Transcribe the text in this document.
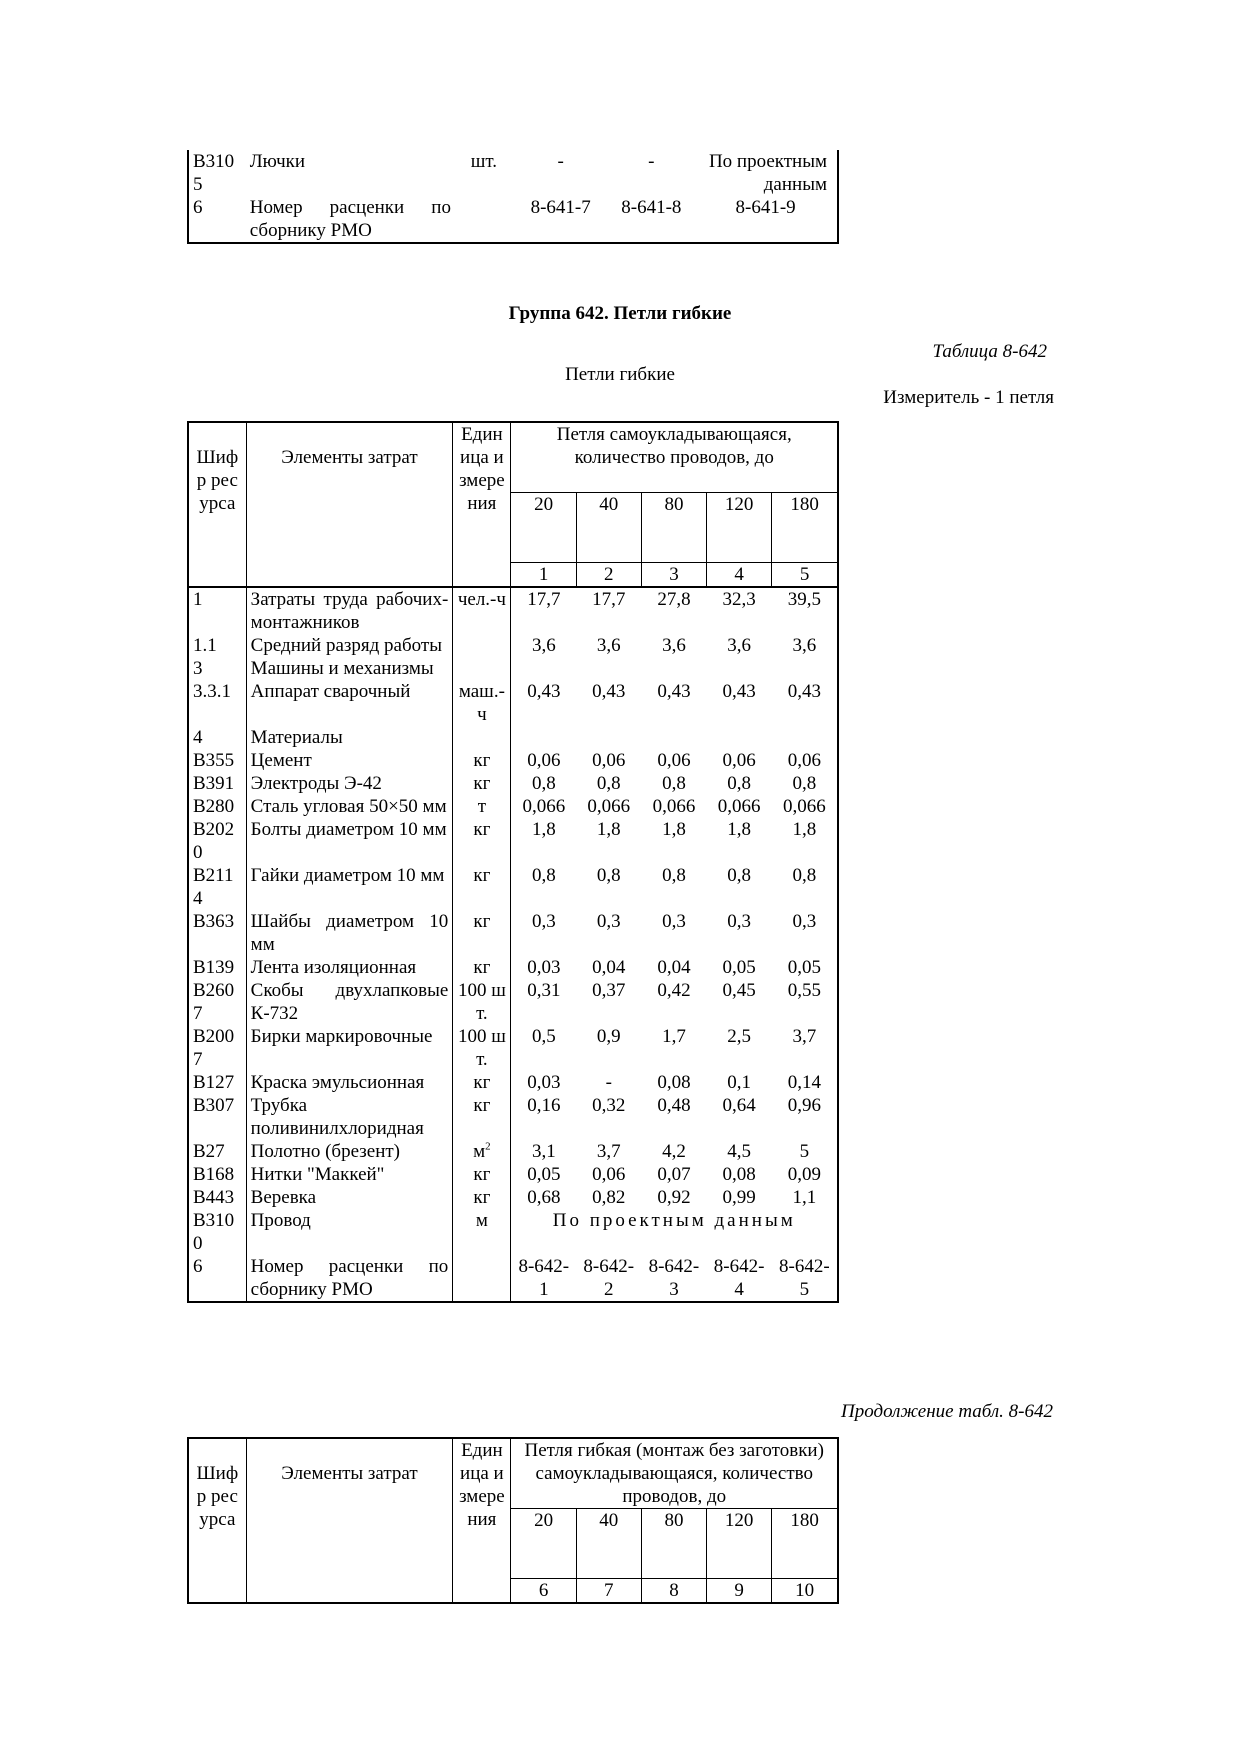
В3105	Лючки	шт.	-	-	По проектным данным
6	Номер расценки по сборнику РМО		8-641-7	8-641-8	8-641-9
Группа 642. Петли гибкие
Таблица 8-642
Петли гибкие
Измеритель - 1 петля
Шифр ресурса	Элементы затрат	Единица измерения	Петля самоукладывающаяся, количество проводов, до				
			20	40	80	120	180
			1	2	3	4	5
1	Затраты труда рабочих-монтажников	чел.-ч	17,7	17,7	27,8	32,3	39,5
1.1	Средний разряд работы		3,6	3,6	3,6	3,6	3,6
3	Машины и механизмы						
3.3.1	Аппарат сварочный	маш.-ч	0,43	0,43	0,43	0,43	0,43
4	Материалы						
В355	Цемент	кг	0,06	0,06	0,06	0,06	0,06
В391	Электроды Э-42	кг	0,8	0,8	0,8	0,8	0,8
В280	Сталь угловая 50×50 мм	т	0,066	0,066	0,066	0,066	0,066
В2020	Болты диаметром 10 мм	кг	1,8	1,8	1,8	1,8	1,8
В2114	Гайки диаметром 10 мм	кг	0,8	0,8	0,8	0,8	0,8
В363	Шайбы диаметром 10 мм	кг	0,3	0,3	0,3	0,3	0,3
В139	Лента изоляционная	кг	0,03	0,04	0,04	0,05	0,05
В2607	Скобы двухлапковые К-732	100 шт.	0,31	0,37	0,42	0,45	0,55
В2007	Бирки маркировочные	100 шт.	0,5	0,9	1,7	2,5	3,7
В127	Краска эмульсионная	кг	0,03	-	0,08	0,1	0,14
В307	Трубка поливинилхлоридная	кг	0,16	0,32	0,48	0,64	0,96
В27	Полотно (брезент)	$м^2$	3,1	3,7	4,2	4,5	5
В168	Нитки "Маккей"	кг	0,05	0,06	0,07	0,08	0,09
В443	Веревка	кг	0,68	0,82	0,92	0,99	1,1
В3100	Провод	м	По проектным данным				
6	Номер расценки по сборнику РМО		8-642-1	8-642-2	8-642-3	8-642-4	8-642-5
Продолжение табл. 8-642
Шифр ресурса	Элементы затрат	Единица измерения	Петля гибкая (монтаж без заготовки) самоукладывающаяся, количество проводов, до				
			20	40	80	120	180
			6	7	8	9	10
